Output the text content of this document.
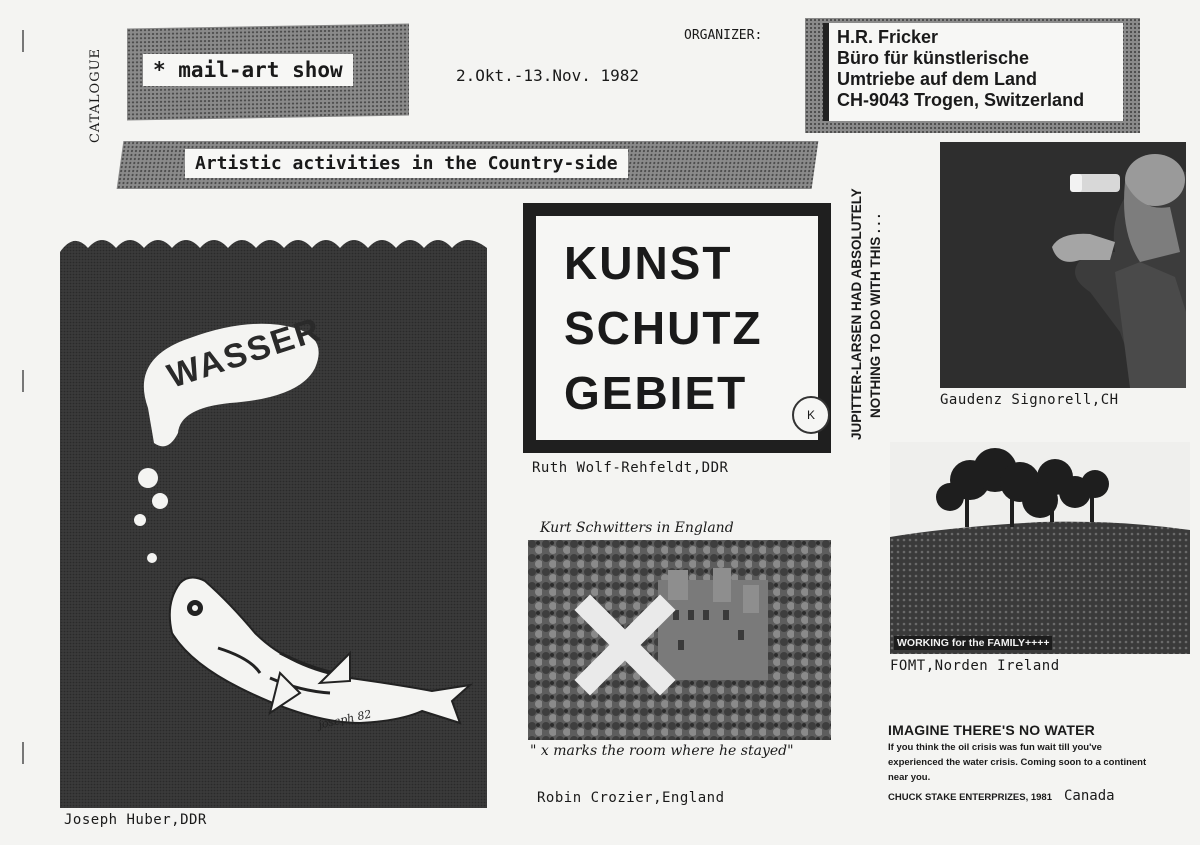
CATALOGUE	* mail-art show	2.Okt.-13.Nov. 1982
Artistic activities in the Country-side
ORGANIZER:	H.R. Fricker
Büro für künstlerische
Umtriebe auf dem Land
CH-9043 Trogen, Switzerland
WASSER
joseph 82
Joseph Huber,DDR
KUNST
SCHUTZ
GEBIET	K
Ruth Wolf-Rehfeldt,DDR
Kurt Schwitters in England
" x marks the room where he stayed"
Robin Crozier,England
JUPITTER-LARSEN HAD ABSOLUTELY NOTHING TO DO WITH THIS . . .	Gaudenz Signorell,CH
WORKING for the FAMILY++++
FOMT,Norden Ireland
IMAGINE THERE'S NO WATER
If you think the oil crisis was fun wait till you've
experienced the water crisis. Coming soon to a continent
near you.
CHUCK STAKE ENTERPRIZES, 1981 Canada
